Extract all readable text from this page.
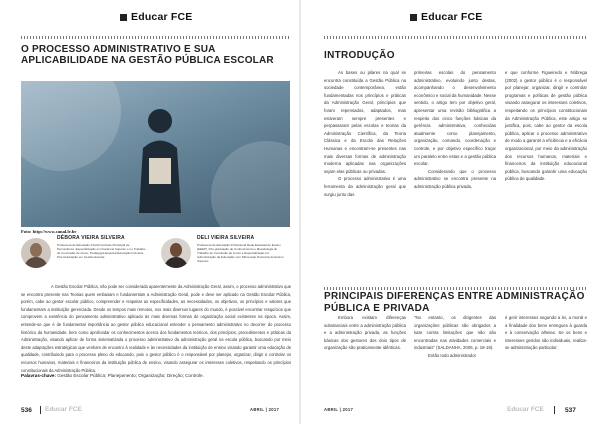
Educar FCE
O PROCESSO ADMINISTRATIVO E SUA APLICABILIDADE NA GESTÃO PÚBLICA ESCOLAR
Foto: http://www.canal.le.br
DÉBORA VIEIRA SILVEIRA
Professora de Educação Infantil na Rede Municipal de Pernambuco. Especialização em Docência Superior e no Trabalho de Conclusão de Curso. Pedagogia Especial Educação Inclusiva. Pós-Graduação em Gestão Escolar.
DELI VIEIRA SILVEIRA
Professora de Educação Profissional Rede Estadual de Ensino (EEEP). Pós-graduação de Conhecimento e Metodologia do Trabalho de Conclusão de Curso e Especialização em Administração da Educação com Diferenças Docência do Ensino Superior.

A Gestão Escolar Pública, não pode ser considerada aparentemente da Administração Geral, assim, o processo administrativo que se encontra presente nas Teorias quem embasam e fundamentam a Administração Geral, pode e deve ser aplicado na Gestão Escolar Pública, porém, cabe ao gestor escolar público, compreender e respeitar as especificidades, as necessidades, os objetivos, os princípios e valores que fundamentam a instituição gerenciada. Desde os tempos mais remotos, nos mais diversos lugares do mundo, é possível encontrar resquícios que comprovem a existência do pensamento administrativo aplicado às mais diversas formas de organização social existentes na época. Assim, entende-se que é de fundamental importância ao gestor público educacional entender o pensamento administrativo no decorrer do processo histórico da humanidade, bem como aprofundar os conhecimentos acerca dos fundamentos teóricos, dos princípios, procedimentos e práticas da Administração, visando aplicar de forma sistematizada o processo administrativo da administração geral na escola pública, buscando por meio deste adaptações estratégicas que venham de encontro à realidade e às necessidades da instituição de ensino visando garantir uma educação de qualidade, contribuindo para o processo pleno do educando, pois o gestor público é o responsável por planejar, organizar, dirigir e controlar os recursos humanos, materiais e financeiros da instituição pública de ensino, visando assegurar os interesses coletivos, respeitando os princípios constitucionais da Administração Pública.

Palavras-chave: Gestão Escolar Pública; Planejamento; Organização; Direção; Controle.

536 Educar FCE	ABRIL | 2017
Educar FCE
INTRODUÇÃO

As bases ou pilares na qual se encontra constituída a Gestão Pública na sociedade contemporânea, estão fundamentadas nos princípios e práticas da Administração Geral, princípios que foram repensados, adaptados, mas estiveram sempre presentes e perpassaram pelas escolas e teorias da Administração Científica, da Teoria Clássica e da Escola das Relações Humanas e encontram-se presentes nas mais diversas formas de administração moderna aplicadas nas organizações sejam elas públicas ou privadas.

O processo administrativo é uma ferramenta da administração geral que surgiu junto das

primeiras escolas do pensamento administrativo, evoluindo junto destas, acompanhando o desenvolvimento econômico e social da humanidade. Nesse sentido, o artigo tem por objetivo geral, apresentar uma revisão bibliográfica a respeito dos cinco funções básicas da gerência administrativa, conhecidas atualmente como planejamento, organização, comando, coordenação e controle, e por objetivo específico traçar um paralelo entre estas e a gestão pública escolar.

Considerando que o processo administrativo se encontra presente na administração pública privada,

e que conforme Figueiredo e Nóbrega (2002) o gestor público é o responsável por planejar, organizar, dirigir e controlar programas e políticas de gestão pública visando assegurar os interesses coletivos, respeitando os princípios constitucionais da Administração Pública, este artigo se justifica, pois, cabe ao gestor da escola pública, aplicar o processo administrativo de modo a garantir a eficiência e a eficácia organizacional, por meio da administração dos recursos humanos, materiais e financeiros da instituição educacional pública, buscando garantir uma educação pública de qualidade.

PRINCIPAIS DIFERENÇAS ENTRE ADMINISTRAÇÃO PÚBLICA E PRIVADA

Embora existam diferenças substanciais entre a administração pública e a administração privada, as funções básicas dos gestores dos dois tipos de organização são praticamente idênticas.

"No entanto, os dirigentes das organizações públicas são obrigados a lutar contra limitações que não são encontradas nas atividades comerciais e industriais" (SALDANHA, 2006, p. 18-19).

Então todo administrador

é gerir interesses segundo a lei, a moral e a finalidade dos bens entregues à guarda e à conservação alheias. Se os bens e interesses geridos são individuais, realiza-se administração particular;

ABRIL | 2017	Educar FCE	537
